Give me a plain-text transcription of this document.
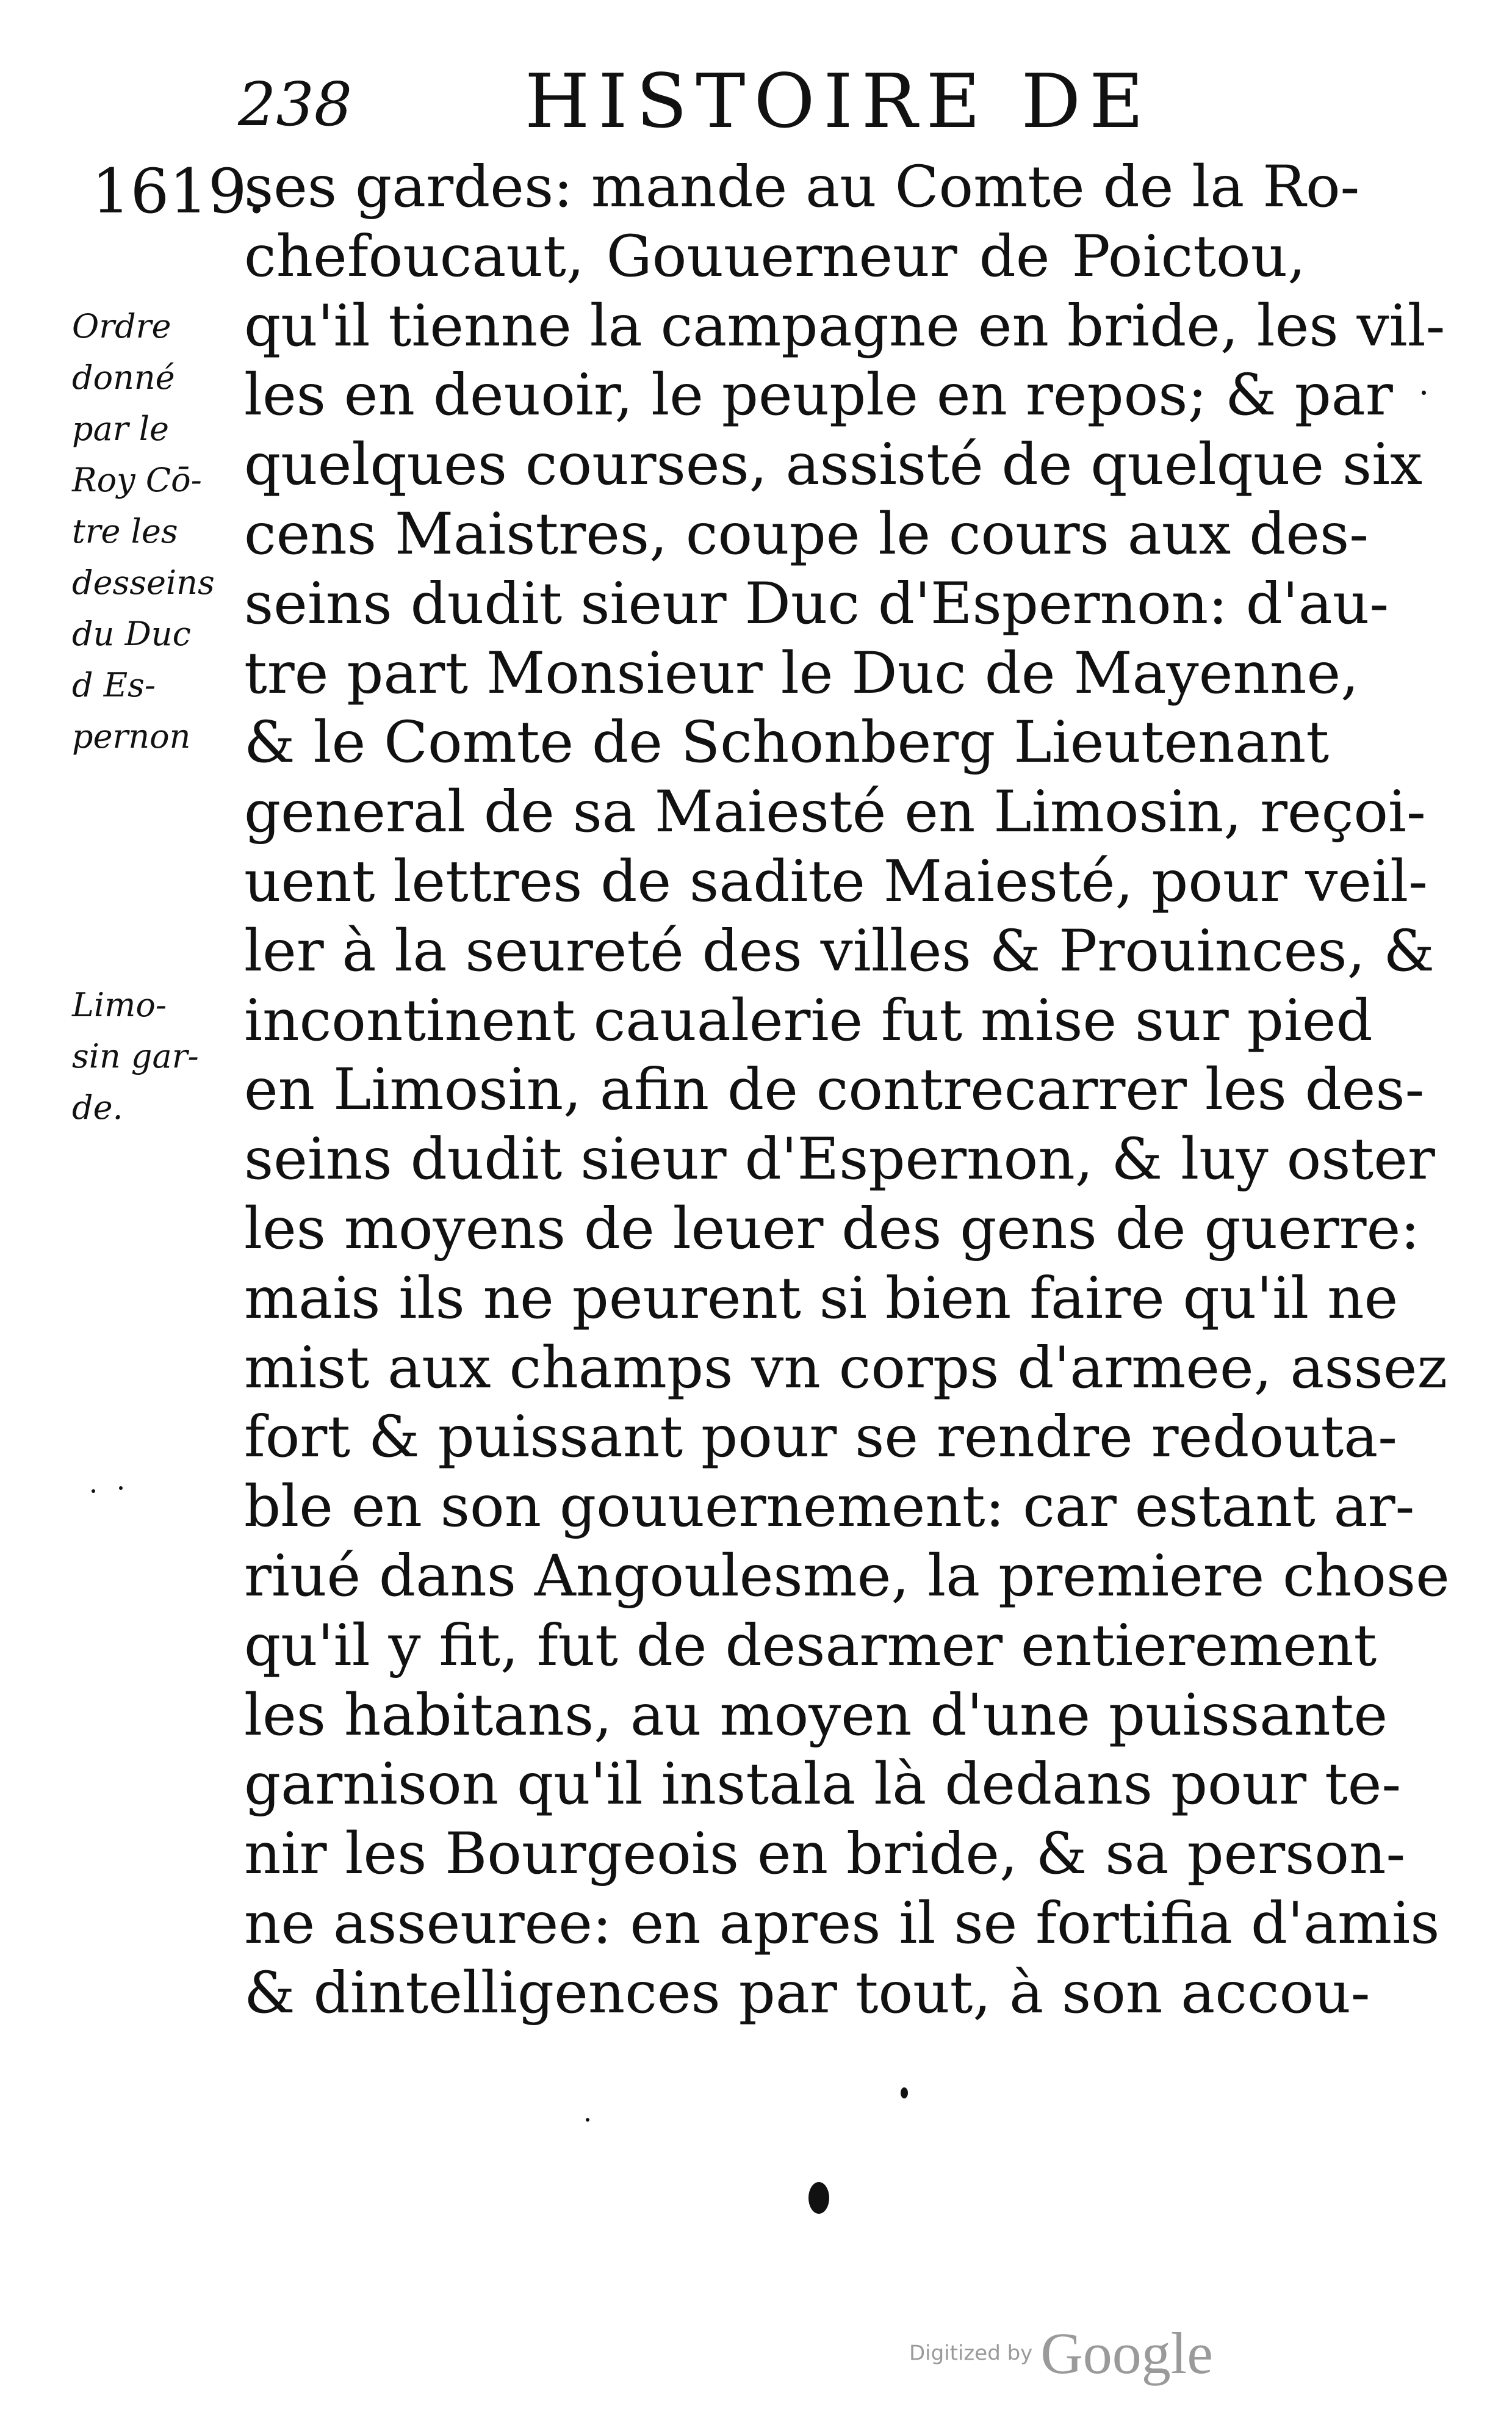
238 HISTOIRE DE
1619.
Ordre
donné
par le
Roy Cō-
tre les
desseins
du Duc
d Es-
pernon
Limo-
sin gar-
de.
ses gardes: mande au Comte de la Ro-
chefoucaut, Gouuerneur de Poictou,
qu'il tienne la campagne en bride, les vil-
les en deuoir, le peuple en repos; & par
quelques courses, assisté de quelque six
cens Maistres, coupe le cours aux des-
seins dudit sieur Duc d'Espernon: d'au-
tre part Monsieur le Duc de Mayenne,
& le Comte de Schonberg Lieutenant
general de sa Maiesté en Limosin, reçoi-
uent lettres de sadite Maiesté, pour veil-
ler à la seureté des villes & Prouinces, &
incontinent caualerie fut mise sur pied
en Limosin, afin de contrecarrer les des-
seins dudit sieur d'Espernon, & luy oster
les moyens de leuer des gens de guerre:
mais ils ne peurent si bien faire qu'il ne
mist aux champs vn corps d'armee, assez
fort & puissant pour se rendre redouta-
ble en son gouuernement: car estant ar-
riué dans Angoulesme, la premiere chose
qu'il y fit, fut de desarmer entierement
les habitans, au moyen d'une puissante
garnison qu'il instala là dedans pour te-
nir les Bourgeois en bride, & sa person-
ne asseuree: en apres il se fortifia d'amis
& dintelligences par tout, à son accou-
Digitized by Google
